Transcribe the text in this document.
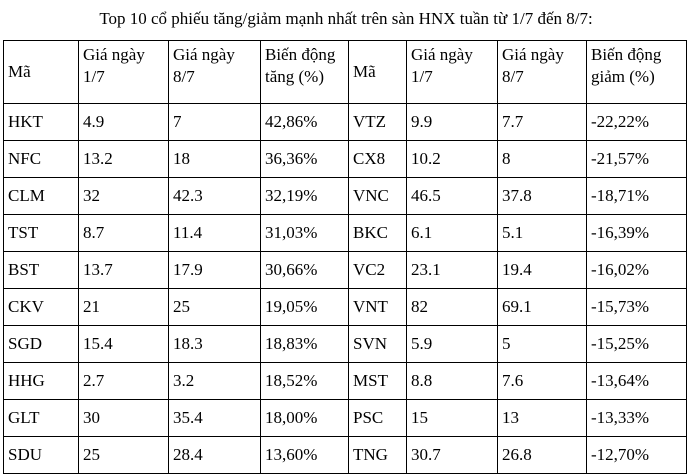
Top 10 cổ phiếu tăng/giảm mạnh nhất trên sàn HNX tuần từ 1/7 đến 8/7:
Mã	Giá ngày 1/7	Giá ngày 8/7	Biến động tăng (%)	Mã	Giá ngày 1/7	Giá ngày 8/7	Biến động giảm (%)
HKT	4.9	7	42,86%	VTZ	9.9	7.7	-22,22%
NFC	13.2	18	36,36%	CX8	10.2	8	-21,57%
CLM	32	42.3	32,19%	VNC	46.5	37.8	-18,71%
TST	8.7	11.4	31,03%	BKC	6.1	5.1	-16,39%
BST	13.7	17.9	30,66%	VC2	23.1	19.4	-16,02%
CKV	21	25	19,05%	VNT	82	69.1	-15,73%
SGD	15.4	18.3	18,83%	SVN	5.9	5	-15,25%
HHG	2.7	3.2	18,52%	MST	8.8	7.6	-13,64%
GLT	30	35.4	18,00%	PSC	15	13	-13,33%
SDU	25	28.4	13,60%	TNG	30.7	26.8	-12,70%
